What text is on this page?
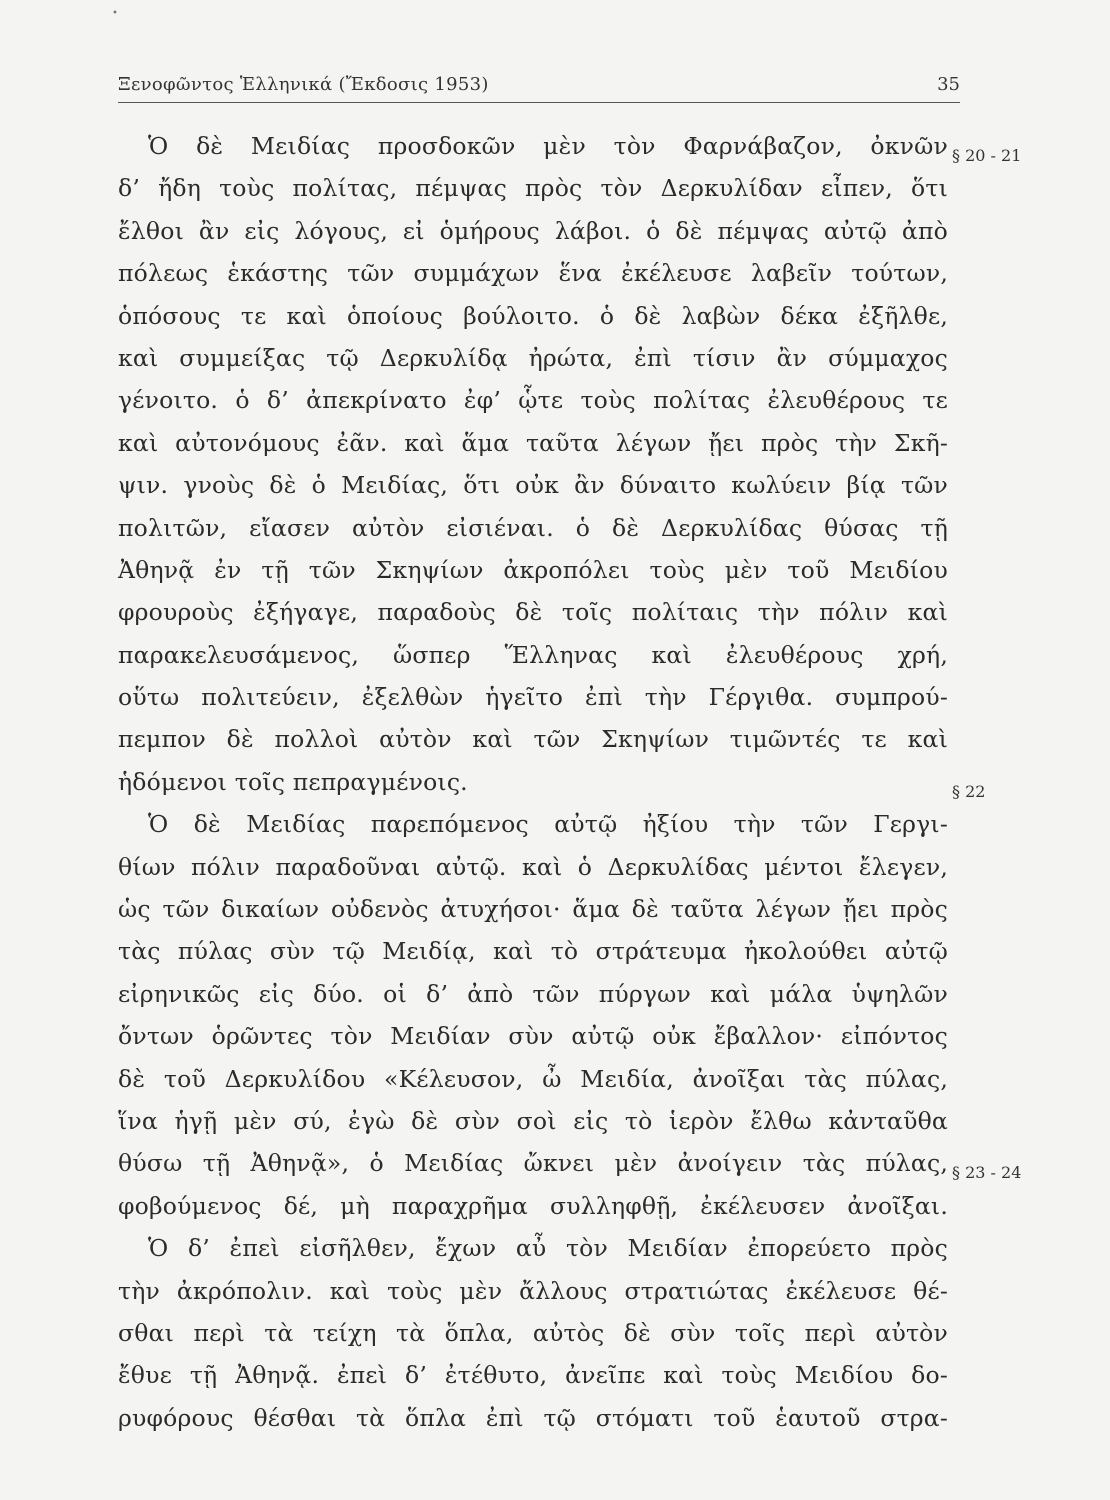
•
Ξενοφῶντος Ἑλληνικά (Ἔκδοσις 1953)	35
§ 20 - 21
§ 22
§ 23 - 24
Ὁ δὲ Μειδίας προσδοκῶν μὲν τὸν Φαρνάβαζον, ὀκνῶν
δ’ ἤδη τοὺς πολίτας, πέμψας πρὸς τὸν Δερκυλίδαν εἶπεν, ὅτι
ἔλθοι ἂν εἰς λόγους, εἰ ὁμήρους λάβοι. ὁ δὲ πέμψας αὐτῷ ἀπὸ
πόλεως ἑκάστης τῶν συμμάχων ἕνα ἐκέλευσε λαβεῖν τούτων,
ὁπόσους τε καὶ ὁποίους βούλοιτο. ὁ δὲ λαβὼν δέκα ἐξῆλθε,
καὶ συμμείξας τῷ Δερκυλίδᾳ ἠρώτα, ἐπὶ τίσιν ἂν σύμμαχος
γένοιτο. ὁ δ’ ἀπεκρίνατο ἐφ’ ᾧτε τοὺς πολίτας ἐλευθέρους τε
καὶ αὐτονόμους ἐᾶν. καὶ ἅμα ταῦτα λέγων ᾔει πρὸς τὴν Σκῆ-
ψιν. γνοὺς δὲ ὁ Μειδίας, ὅτι οὐκ ἂν δύναιτο κωλύειν βίᾳ τῶν
πολιτῶν, εἴασεν αὐτὸν εἰσιέναι. ὁ δὲ Δερκυλίδας θύσας τῇ
Ἀθηνᾷ ἐν τῇ τῶν Σκηψίων ἀκροπόλει τοὺς μὲν τοῦ Μειδίου
φρουροὺς ἐξήγαγε, παραδοὺς δὲ τοῖς πολίταις τὴν πόλιν καὶ
παρακελευσάμενος, ὥσπερ Ἕλληνας καὶ ἐλευθέρους χρή,
οὕτω πολιτεύειν, ἐξελθὼν ἡγεῖτο ἐπὶ τὴν Γέργιθα. συμπρού-
πεμπον δὲ πολλοὶ αὐτὸν καὶ τῶν Σκηψίων τιμῶντές τε καὶ
ἡδόμενοι τοῖς πεπραγμένοις.
Ὁ δὲ Μειδίας παρεπόμενος αὐτῷ ἠξίου τὴν τῶν Γεργι-
θίων πόλιν παραδοῦναι αὐτῷ. καὶ ὁ Δερκυλίδας μέντοι ἔλεγεν,
ὡς τῶν δικαίων οὐδενὸς ἀτυχήσοι· ἅμα δὲ ταῦτα λέγων ᾔει πρὸς
τὰς πύλας σὺν τῷ Μειδίᾳ, καὶ τὸ στράτευμα ἠκολούθει αὐτῷ
εἰρηνικῶς εἰς δύο. οἱ δ’ ἀπὸ τῶν πύργων καὶ μάλα ὑψηλῶν
ὄντων ὁρῶντες τὸν Μειδίαν σὺν αὐτῷ οὐκ ἔβαλλον· εἰπόντος
δὲ τοῦ Δερκυλίδου «Κέλευσον, ὦ Μειδία, ἀνοῖξαι τὰς πύλας,
ἵνα ἡγῇ μὲν σύ, ἐγὼ δὲ σὺν σοὶ εἰς τὸ ἱερὸν ἔλθω κἀνταῦθα
θύσω τῇ Ἀθηνᾷ», ὁ Μειδίας ὤκνει μὲν ἀνοίγειν τὰς πύλας,
φοβούμενος δέ, μὴ παραχρῆμα συλληφθῇ, ἐκέλευσεν ἀνοῖξαι.
Ὁ δ’ ἐπεὶ εἰσῆλθεν, ἔχων αὖ τὸν Μειδίαν ἐπορεύετο πρὸς
τὴν ἀκρόπολιν. καὶ τοὺς μὲν ἄλλους στρατιώτας ἐκέλευσε θέ-
σθαι περὶ τὰ τείχη τὰ ὅπλα, αὐτὸς δὲ σὺν τοῖς περὶ αὐτὸν
ἔθυε τῇ Ἀθηνᾷ. ἐπεὶ δ’ ἐτέθυτο, ἀνεῖπε καὶ τοὺς Μειδίου δο-
ρυφόρους θέσθαι τὰ ὅπλα ἐπὶ τῷ στόματι τοῦ ἑαυτοῦ στρα-
